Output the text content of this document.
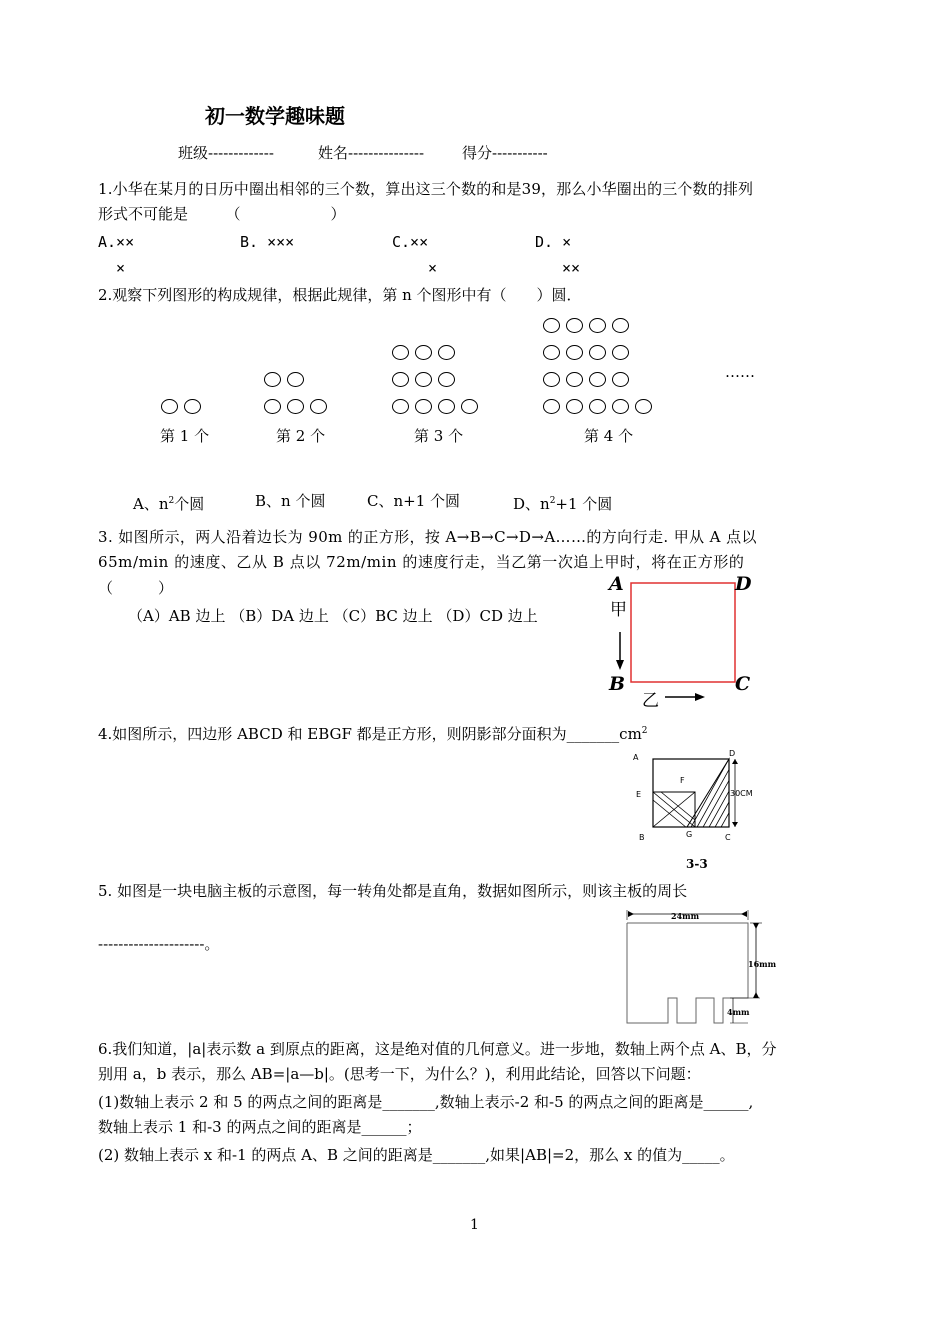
初一数学趣味题
班级-------------	姓名---------------	得分-----------
1.小华在某月的日历中圈出相邻的三个数，算出这三个数的和是39，那么小华圈出的三个数的排列
形式不可能是　　　（　　　　　　）
A.××
×
B. ×××	C.××
×
D. ×
××
2.观察下列图形的构成规律，根据此规律，第 n 个图形中有（　　）圆．
……
第 1 个	第 2 个	第 3 个	第 4 个
A、$n^2$个圆	B、n 个圆	C、n+1 个圆	D、$n^2+1$ 个圆
3. 如图所示，两人沿着边长为 90m 的正方形，按 A→B→C→D→A……的方向行走. 甲从 A 点以
65m/min 的速度、乙从 B 点以 72m/min 的速度行走，当乙第一次追上甲时，将在正方形的
（　　　）
（A）AB 边上 （B）DA 边上 （C）BC 边上 （D）CD 边上
A	D
B	C
甲
乙
4.如图所示，四边形 ABCD 和 EBGF 都是正方形，则阴影部分面积为$\_\_\_\_\_\_\_cm^2$
A	D
E
F
B	G	C
30CM
3-3
5. 如图是一块电脑主板的示意图，每一转角处都是直角，数据如图所示，则该主板的周长
---------------------。
24mm
16mm
4mm
6.我们知道，|a|表示数 a 到原点的距离，这是绝对值的几何意义。进一步地，数轴上两个点 A、B，分
别用 a，b 表示，那么 AB=|a—b|。(思考一下，为什么？)，利用此结论，回答以下问题：
(1)数轴上表示 2 和 5 的两点之间的距离是_______,数轴上表示-2 和-5 的两点之间的距离是______,
数轴上表示 1 和-3 的两点之间的距离是______；
(2) 数轴上表示 x 和-1 的两点 A、B 之间的距离是_______,如果|AB|=2，那么 x 的值为_____。
1
